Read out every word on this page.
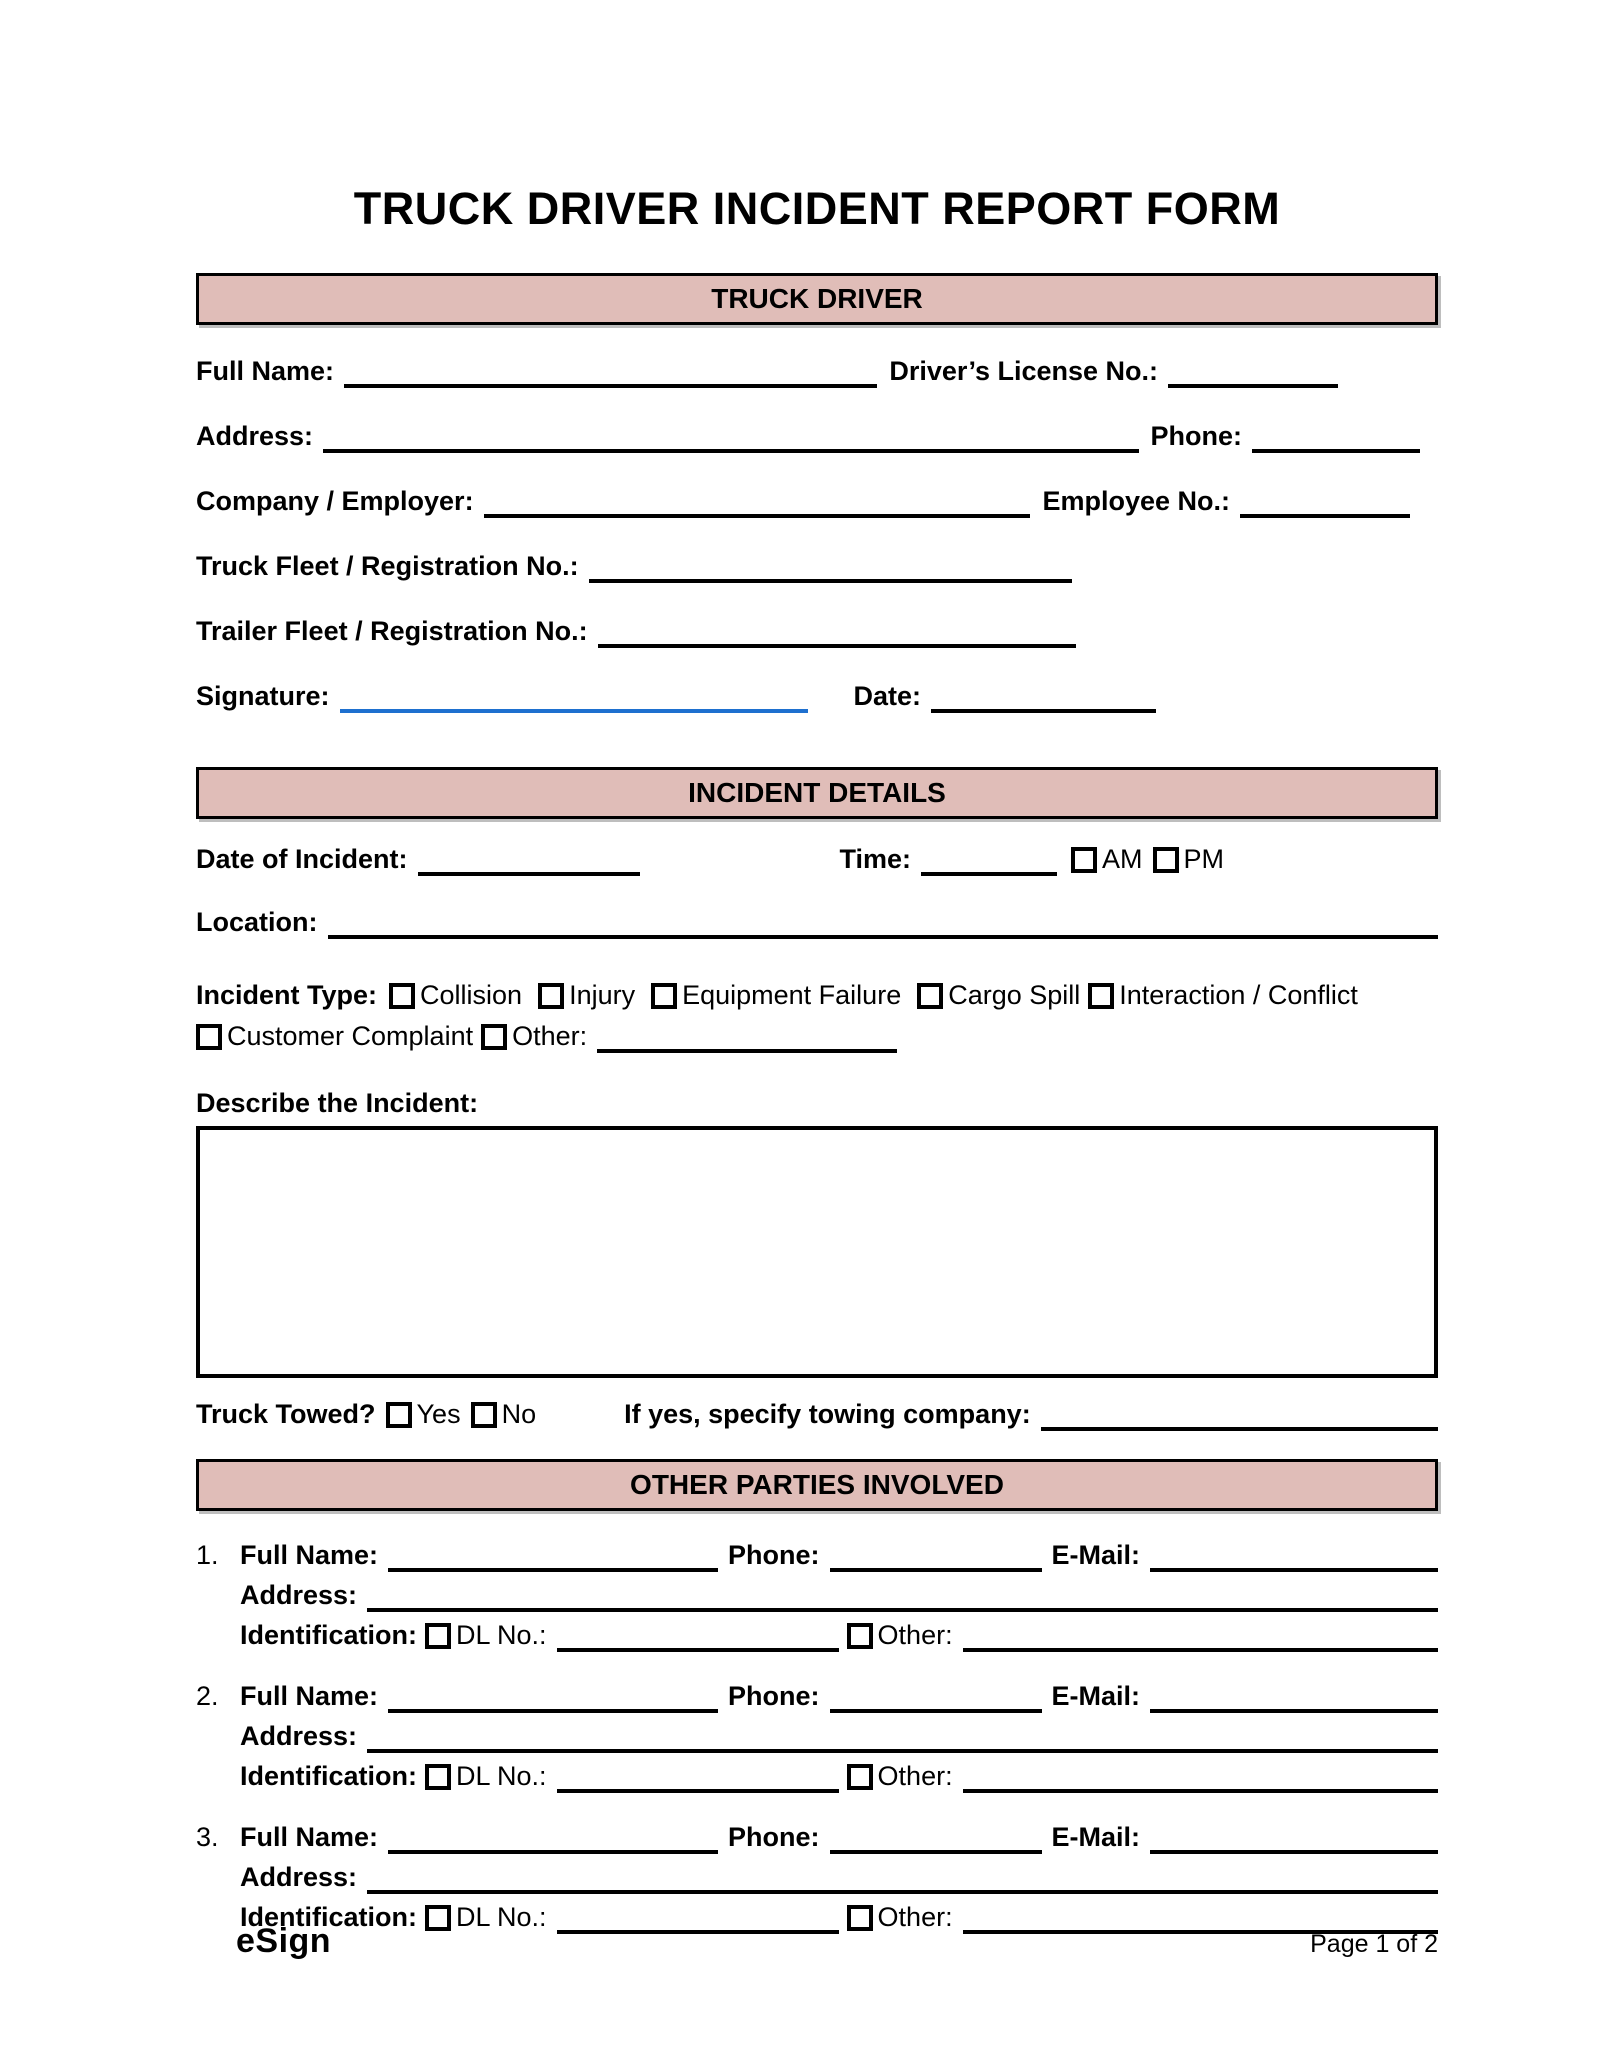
TRUCK DRIVER INCIDENT REPORT FORM
TRUCK DRIVER
Full Name:	Driver’s License No.:
Address:	Phone:
Company / Employer:	Employee No.:
Truck Fleet / Registration No.:
Trailer Fleet / Registration No.:
Signature:	Date:
INCIDENT DETAILS
Date of Incident:	Time:	AM PM
Location:
Incident Type: Collision Injury Equipment Failure Cargo Spill Interaction / Conflict
Customer Complaint Other:
Describe the Incident:
Truck Towed? Yes No	If yes, specify towing company:
OTHER PARTIES INVOLVED
1. Full Name:	Phone:	E-Mail:
Address:
Identification: DL No.:	Other:
2. Full Name:	Phone:	E-Mail:
Address:
Identification: DL No.:	Other:
3. Full Name:	Phone:	E-Mail:
Address:
Identification: DL No.:	Other:
eSign	Page 1 of 2
